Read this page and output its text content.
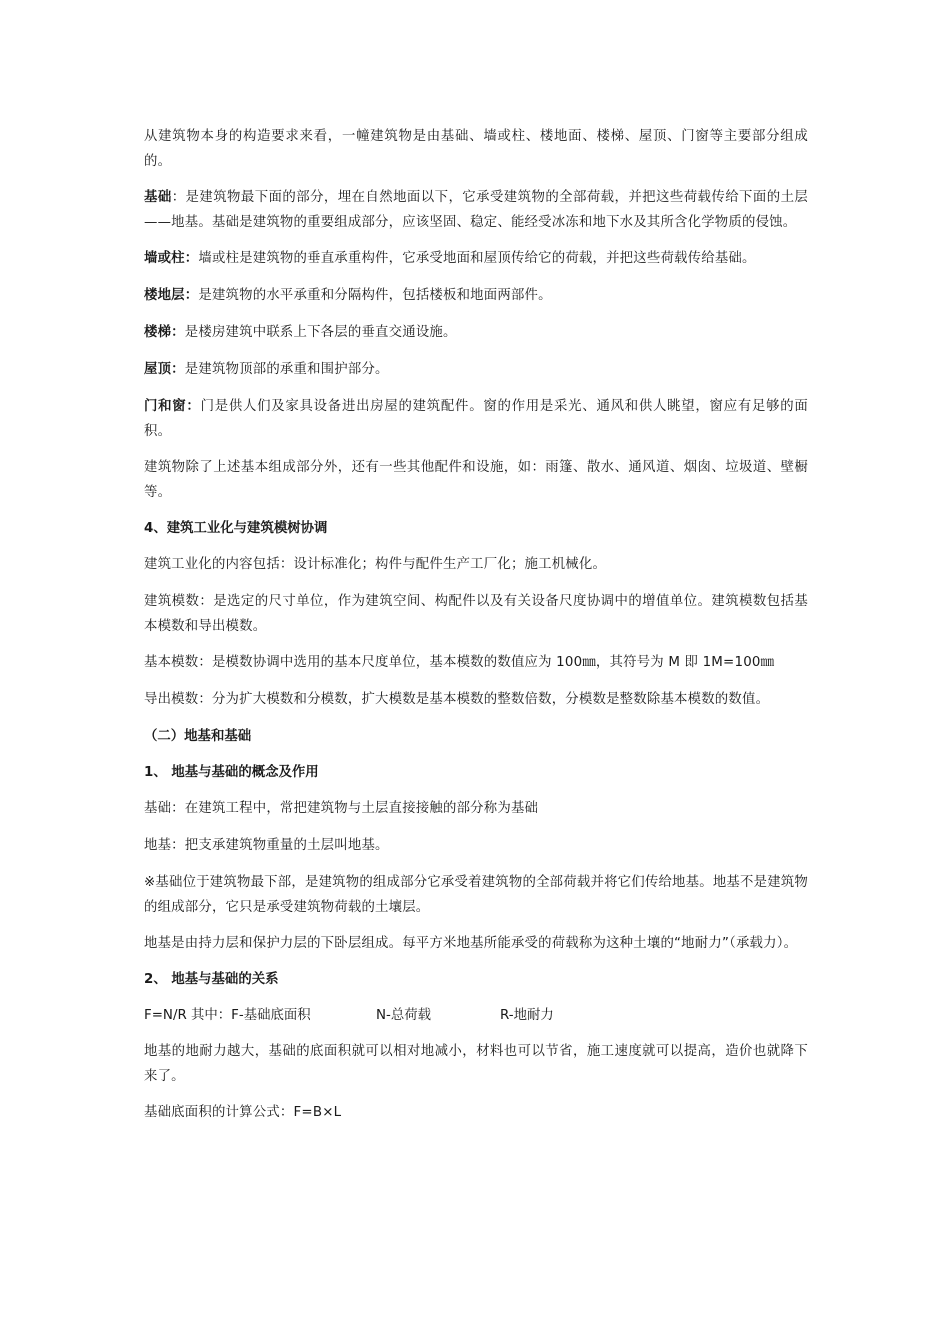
从建筑物本身的构造要求来看，一幢建筑物是由基础、墙或柱、楼地面、楼梯、屋顶、门窗等主要部分组成的。

基础：是建筑物最下面的部分，埋在自然地面以下，它承受建筑物的全部荷载，并把这些荷载传给下面的土层——地基。基础是建筑物的重要组成部分，应该坚固、稳定、能经受冰冻和地下水及其所含化学物质的侵蚀。

墙或柱：墙或柱是建筑物的垂直承重构件，它承受地面和屋顶传给它的荷载，并把这些荷载传给基础。

楼地层：是建筑物的水平承重和分隔构件，包括楼板和地面两部件。

楼梯：是楼房建筑中联系上下各层的垂直交通设施。

屋顶：是建筑物顶部的承重和围护部分。

门和窗：门是供人们及家具设备进出房屋的建筑配件。窗的作用是采光、通风和供人眺望，窗应有足够的面积。

建筑物除了上述基本组成部分外，还有一些其他配件和设施，如：雨篷、散水、通风道、烟囱、垃圾道、壁橱等。

4、建筑工业化与建筑模树协调

建筑工业化的内容包括：设计标准化；构件与配件生产工厂化；施工机械化。

建筑模数：是选定的尺寸单位，作为建筑空间、构配件以及有关设备尺度协调中的增值单位。建筑模数包括基本模数和导出模数。

基本模数：是模数协调中选用的基本尺度单位，基本模数的数值应为 100㎜，其符号为 M 即 1M=100㎜

导出模数：分为扩大模数和分模数，扩大模数是基本模数的整数倍数，分模数是整数除基本模数的数值。

（二）地基和基础

1、 地基与基础的概念及作用

基础：在建筑工程中，常把建筑物与土层直接接触的部分称为基础

地基：把支承建筑物重量的土层叫地基。

※基础位于建筑物最下部，是建筑物的组成部分它承受着建筑物的全部荷载并将它们传给地基。地基不是建筑物的组成部分，它只是承受建筑物荷载的土壤层。

地基是由持力层和保护力层的下卧层组成。每平方米地基所能承受的荷载称为这种土壤的“地耐力”（承载力）。

2、 地基与基础的关系

F=N/R 其中：F-基础底面积	N-总荷载	R-地耐力

地基的地耐力越大，基础的底面积就可以相对地减小，材料也可以节省，施工速度就可以提高，造价也就降下来了。

基础底面积的计算公式：F=B×L
